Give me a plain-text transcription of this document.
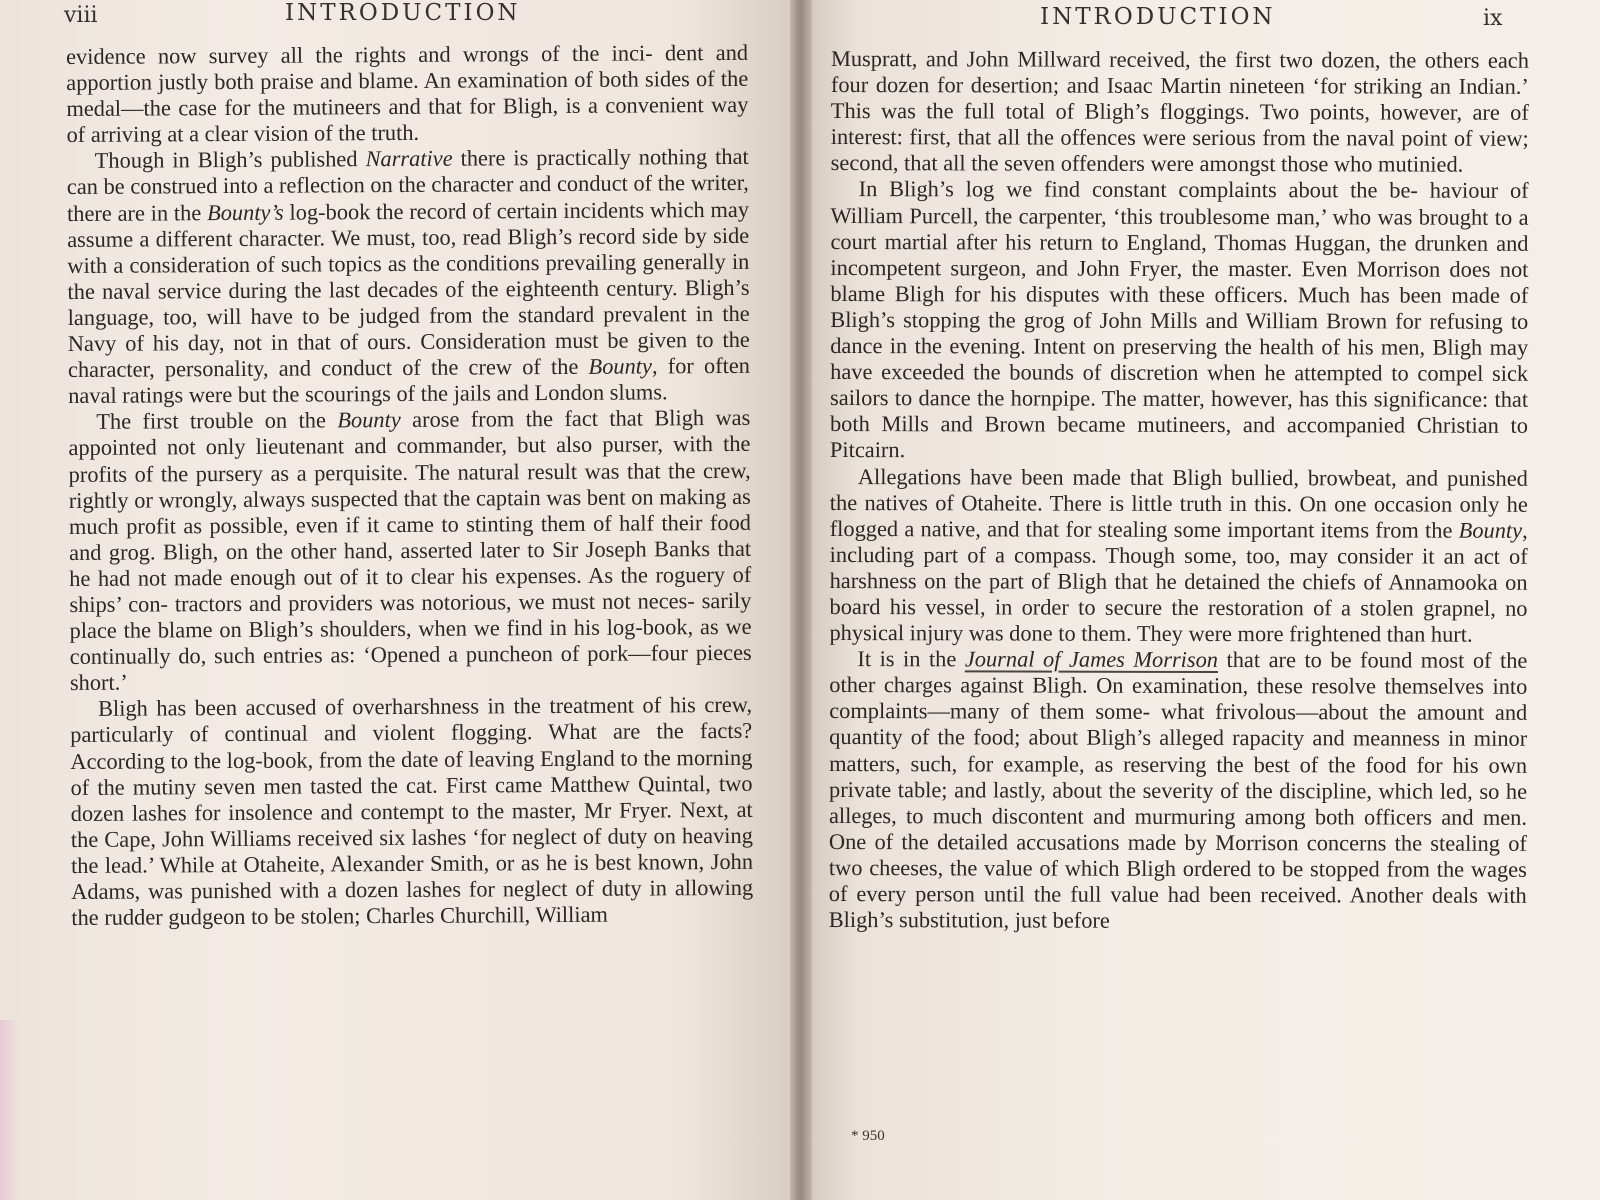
viii	INTRODUCTION

evidence now survey all the rights and wrongs of the inci- dent and apportion justly both praise and blame. An examination of both sides of the medal—the case for the mutineers and that for Bligh, is a convenient way of arriving at a clear vision of the truth.

Though in Bligh’s published Narrative there is practically nothing that can be construed into a reflection on the character and conduct of the writer, there are in the Bounty’s log-book the record of certain incidents which may assume a different character. We must, too, read Bligh’s record side by side with a consideration of such topics as the conditions prevailing generally in the naval service during the last decades of the eighteenth century. Bligh’s language, too, will have to be judged from the standard prevalent in the Navy of his day, not in that of ours. Consideration must be given to the character, personality, and conduct of the crew of the Bounty, for often naval ratings were but the scourings of the jails and London slums.

The first trouble on the Bounty arose from the fact that Bligh was appointed not only lieutenant and commander, but also purser, with the profits of the pursery as a perquisite. The natural result was that the crew, rightly or wrongly, always suspected that the captain was bent on making as much profit as possible, even if it came to stinting them of half their food and grog. Bligh, on the other hand, asserted later to Sir Joseph Banks that he had not made enough out of it to clear his expenses. As the roguery of ships’ con- tractors and providers was notorious, we must not neces- sarily place the blame on Bligh’s shoulders, when we find in his log-book, as we continually do, such entries as: ‘Opened a puncheon of pork—four pieces short.’

Bligh has been accused of overharshness in the treatment of his crew, particularly of continual and violent flogging. What are the facts? According to the log-book, from the date of leaving England to the morning of the mutiny seven men tasted the cat. First came Matthew Quintal, two dozen lashes for insolence and contempt to the master, Mr Fryer. Next, at the Cape, John Williams received six lashes ‘for neglect of duty on heaving the lead.’ While at Otaheite, Alexander Smith, or as he is best known, John Adams, was punished with a dozen lashes for neglect of duty in allowing the rudder gudgeon to be stolen; Charles Churchill, William

INTRODUCTION	ix

Muspratt, and John Millward received, the first two dozen, the others each four dozen for desertion; and Isaac Martin nineteen ‘for striking an Indian.’ This was the full total of Bligh’s floggings. Two points, however, are of interest: first, that all the offences were serious from the naval point of view; second, that all the seven offenders were amongst those who mutinied.

In Bligh’s log we find constant complaints about the be- haviour of William Purcell, the carpenter, ‘this troublesome man,’ who was brought to a court martial after his return to England, Thomas Huggan, the drunken and incompetent surgeon, and John Fryer, the master. Even Morrison does not blame Bligh for his disputes with these officers. Much has been made of Bligh’s stopping the grog of John Mills and William Brown for refusing to dance in the evening. Intent on preserving the health of his men, Bligh may have exceeded the bounds of discretion when he attempted to compel sick sailors to dance the hornpipe. The matter, however, has this significance: that both Mills and Brown became mutineers, and accompanied Christian to Pitcairn.

Allegations have been made that Bligh bullied, browbeat, and punished the natives of Otaheite. There is little truth in this. On one occasion only he flogged a native, and that for stealing some important items from the Bounty, including part of a compass. Though some, too, may consider it an act of harshness on the part of Bligh that he detained the chiefs of Annamooka on board his vessel, in order to secure the restoration of a stolen grapnel, no physical injury was done to them. They were more frightened than hurt.

It is in the Journal of James Morrison that are to be found most of the other charges against Bligh. On examination, these resolve themselves into complaints—many of them some- what frivolous—about the amount and quantity of the food; about Bligh’s alleged rapacity and meanness in minor matters, such, for example, as reserving the best of the food for his own private table; and lastly, about the severity of the discipline, which led, so he alleges, to much discontent and murmuring among both officers and men. One of the detailed accusations made by Morrison concerns the stealing of two cheeses, the value of which Bligh ordered to be stopped from the wages of every person until the full value had been received. Another deals with Bligh’s substitution, just before

* 950
